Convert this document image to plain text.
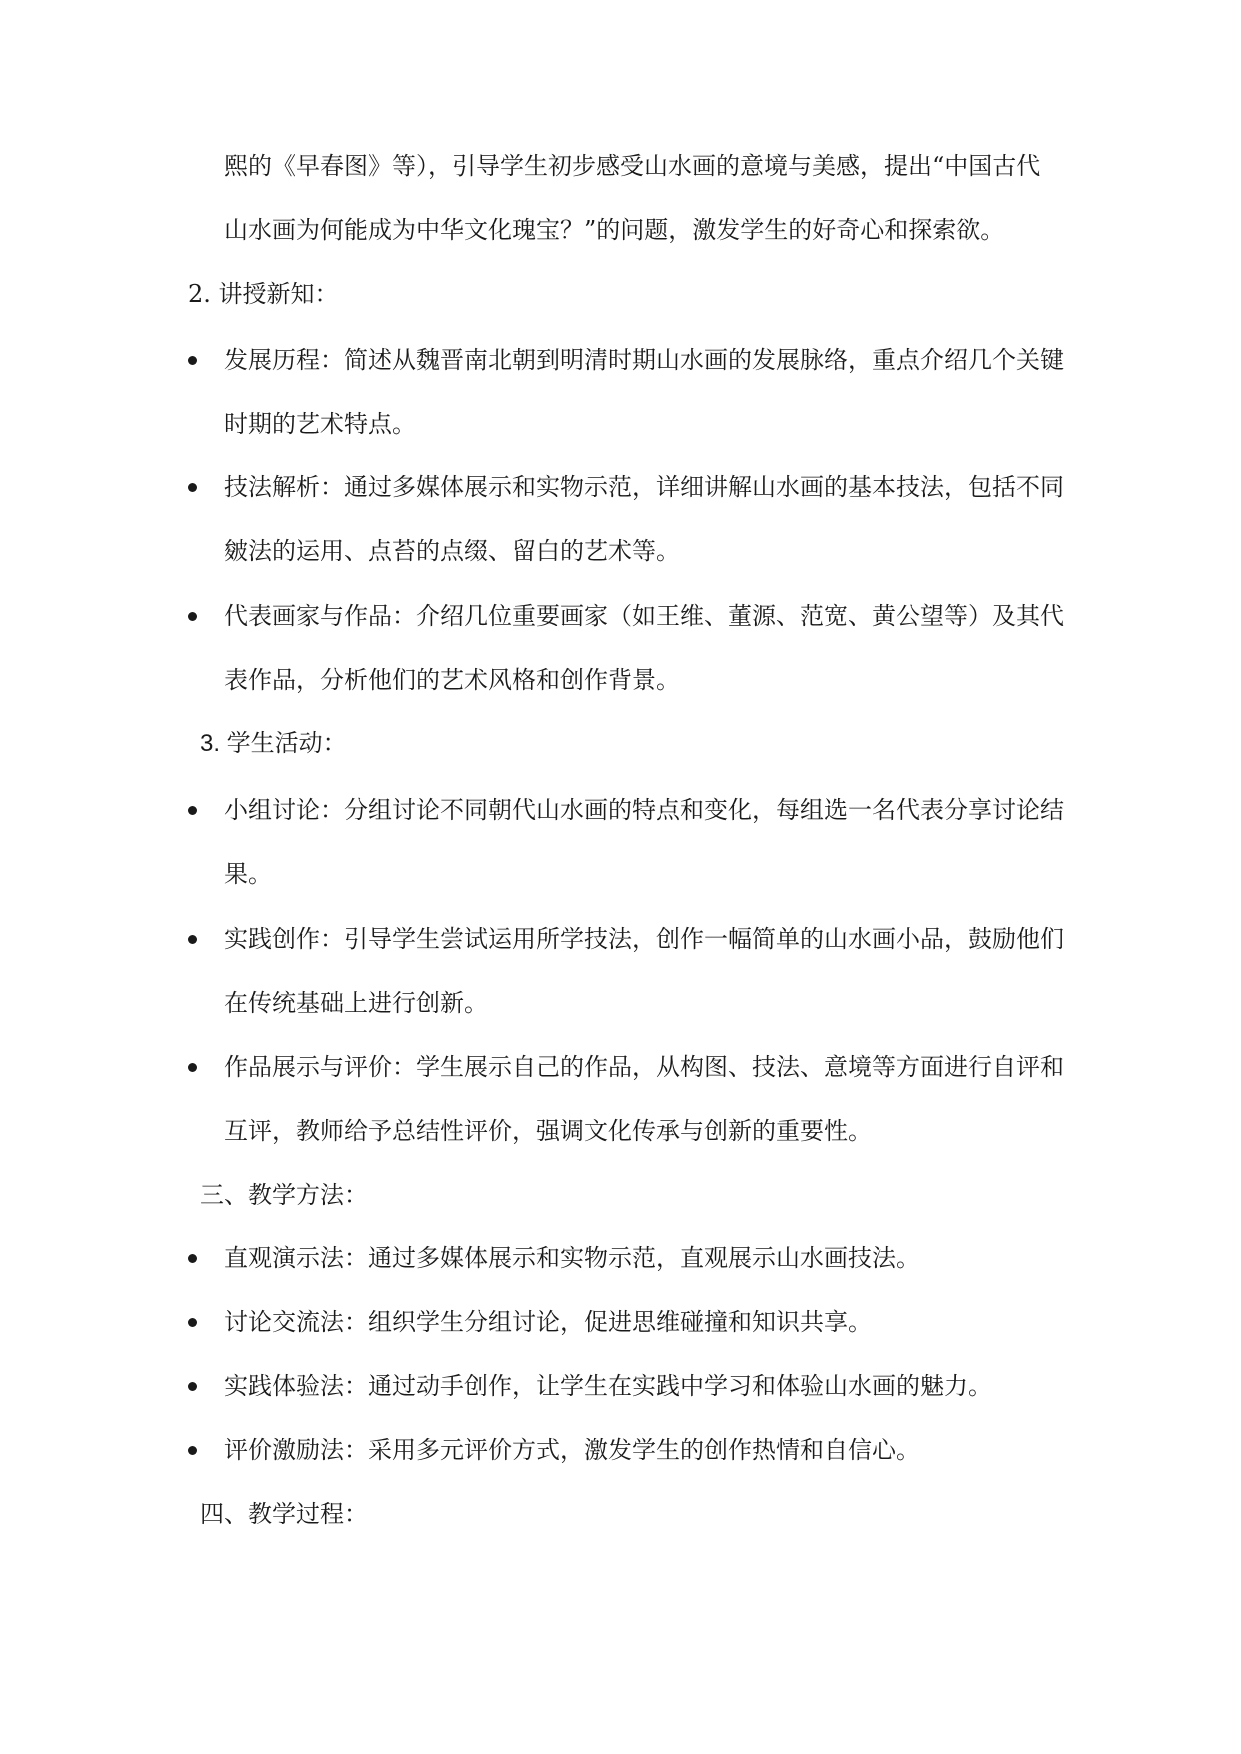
熙的《早春图》等），引导学生初步感受山水画的意境与美感，提出“中国古代
山水画为何能成为中华文化瑰宝？”的问题，激发学生的好奇心和探索欲。
2. 讲授新知：
发展历程：简述从魏晋南北朝到明清时期山水画的发展脉络，重点介绍几个关键
时期的艺术特点。
技法解析：通过多媒体展示和实物示范，详细讲解山水画的基本技法，包括不同
皴法的运用、点苔的点缀、留白的艺术等。
代表画家与作品：介绍几位重要画家（如王维、董源、范宽、黄公望等）及其代
表作品，分析他们的艺术风格和创作背景。
3. 学生活动：
小组讨论：分组讨论不同朝代山水画的特点和变化，每组选一名代表分享讨论结
果。
实践创作：引导学生尝试运用所学技法，创作一幅简单的山水画小品，鼓励他们
在传统基础上进行创新。
作品展示与评价：学生展示自己的作品，从构图、技法、意境等方面进行自评和
互评，教师给予总结性评价，强调文化传承与创新的重要性。
三、教学方法：
直观演示法：通过多媒体展示和实物示范，直观展示山水画技法。
讨论交流法：组织学生分组讨论，促进思维碰撞和知识共享。
实践体验法：通过动手创作，让学生在实践中学习和体验山水画的魅力。
评价激励法：采用多元评价方式，激发学生的创作热情和自信心。
四、教学过程：
